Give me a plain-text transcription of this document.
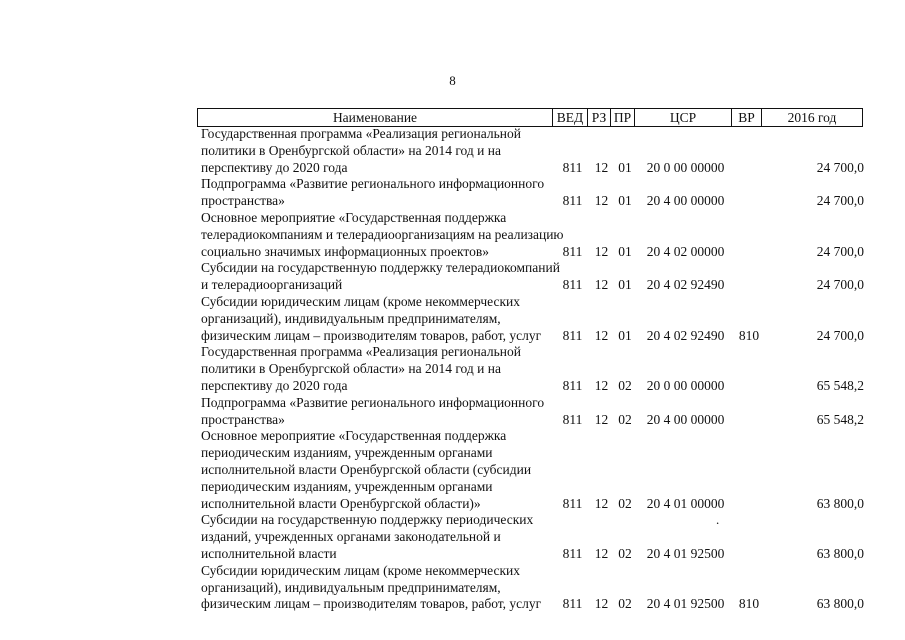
8
Наименование	ВЕД РЗ ПР	ЦСР	ВР	2016 год
Государственная программа «Реализация региональной
политики в Оренбургской области» на 2014 год и на
перспективу до 2020 года	811 12 01	20 0 00 00000	24 700,0
Подпрограмма «Развитие регионального информационного
пространства»	811 12 01	20 4 00 00000	24 700,0
Основное мероприятие «Государственная поддержка
телерадиокомпаниям и телерадиоорганизациям на реализацию
социально значимых информационных проектов»	811 12 01	20 4 02 00000	24 700,0
Субсидии на государственную поддержку телерадиокомпаний
и телерадиоорганизаций	811 12 01	20 4 02 92490	24 700,0
Субсидии юридическим лицам (кроме некоммерческих
организаций), индивидуальным предпринимателям,
физическим лицам – производителям товаров, работ, услуг	811 12 01	20 4 02 92490	810	24 700,0
Государственная программа «Реализация региональной
политики в Оренбургской области» на 2014 год и на
перспективу до 2020 года	811 12 02	20 0 00 00000	65 548,2
Подпрограмма «Развитие регионального информационного
пространства»	811 12 02	20 4 00 00000	65 548,2
Основное мероприятие «Государственная поддержка
периодическим изданиям, учрежденным органами
исполнительной власти Оренбургской области (субсидии
периодическим изданиям, учрежденным органами
исполнительной власти Оренбургской области)»	811 12 02	20 4 01 00000	63 800,0
Субсидии на государственную поддержку периодических
изданий, учрежденных органами законодательной и
исполнительной власти	811 12 02	20 4 01 92500	63 800,0
Субсидии юридическим лицам (кроме некоммерческих
организаций), индивидуальным предпринимателям,
физическим лицам – производителям товаров, работ, услуг	811 12 02	20 4 01 92500	810	63 800,0
.
